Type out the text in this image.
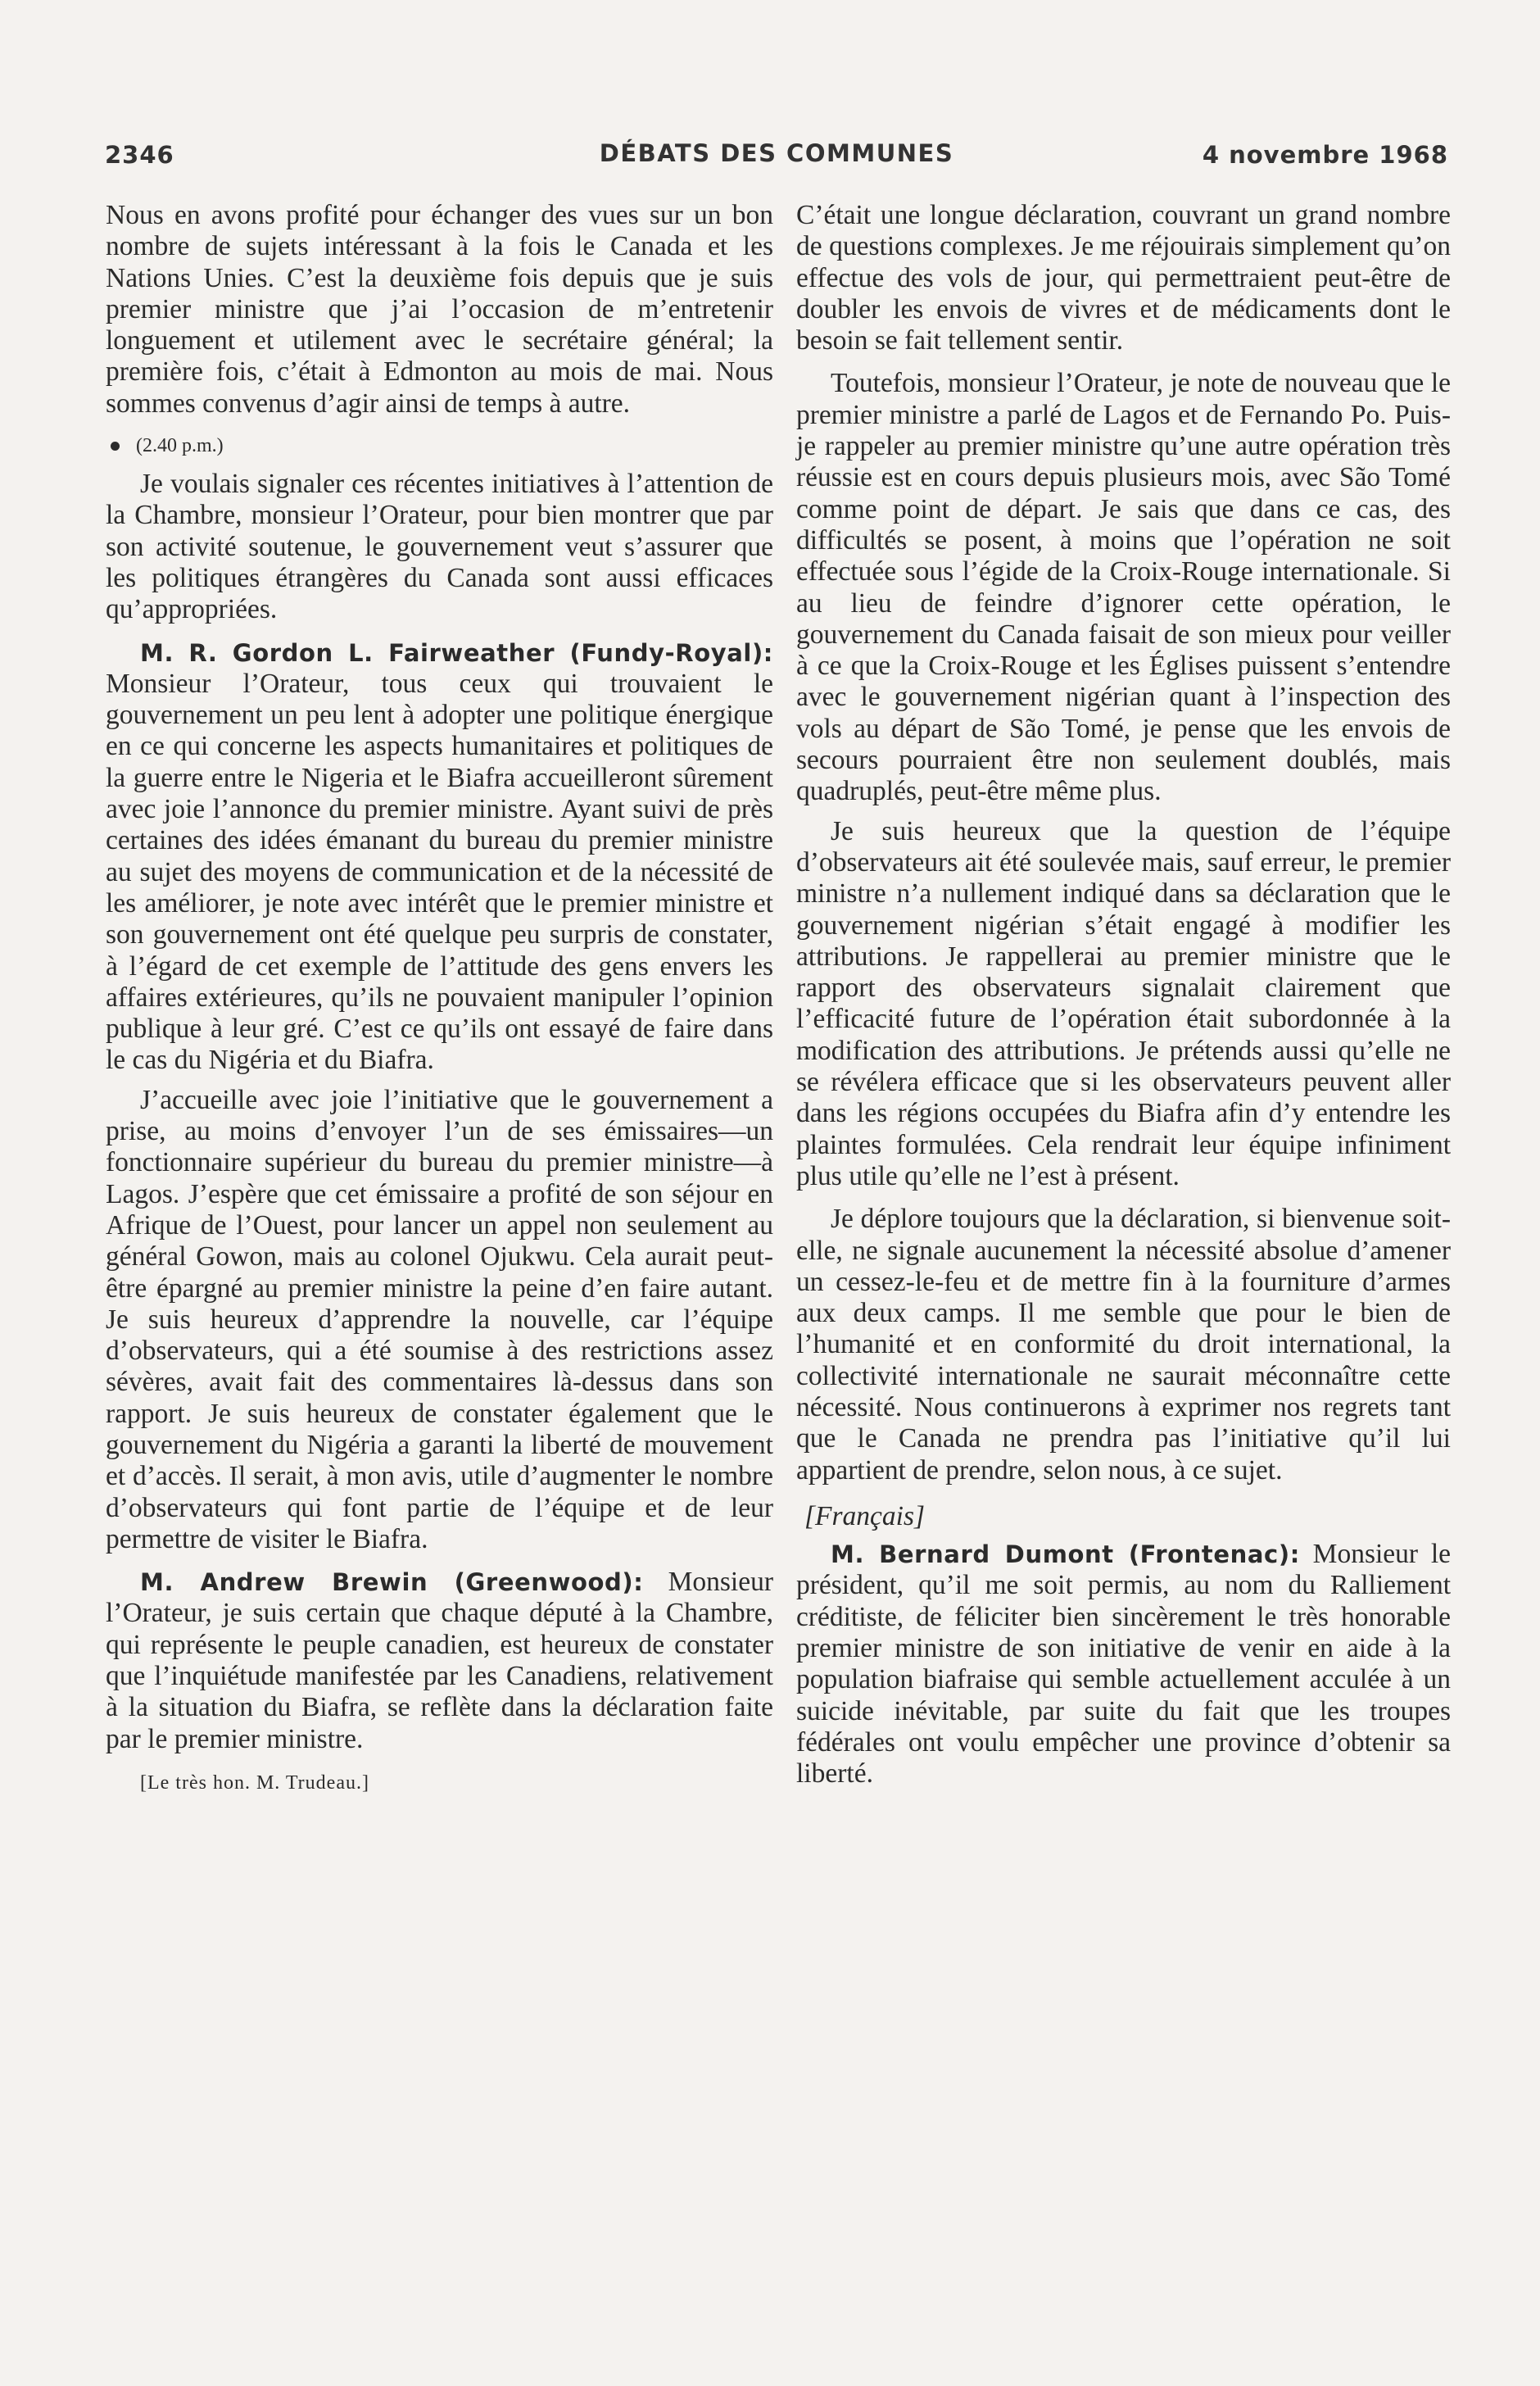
2346	DÉBATS DES COMMUNES	4 novembre 1968

Nous en avons profité pour échanger des vues sur un bon nombre de sujets intéressant à la fois le Canada et les Nations Unies. C’est la deuxième fois depuis que je suis premier ministre que j’ai l’occasion de m’entretenir longuement et utilement avec le secrétaire général; la première fois, c’était à Edmonton au mois de mai. Nous sommes convenus d’agir ainsi de temps à autre.

(2.40 p.m.)

Je voulais signaler ces récentes initiatives à l’attention de la Chambre, monsieur l’Orateur, pour bien montrer que par son activité soutenue, le gouvernement veut s’assurer que les politiques étrangères du Canada sont aussi efficaces qu’appropriées.

M. R. Gordon L. Fairweather (Fundy-Royal): Monsieur l’Orateur, tous ceux qui trouvaient le gouvernement un peu lent à adopter une politique énergique en ce qui concerne les aspects humanitaires et politiques de la guerre entre le Nigeria et le Biafra accueilleront sûrement avec joie l’annonce du premier ministre. Ayant suivi de près certaines des idées émanant du bureau du premier ministre au sujet des moyens de communication et de la nécessité de les améliorer, je note avec intérêt que le premier ministre et son gouvernement ont été quelque peu surpris de constater, à l’égard de cet exemple de l’attitude des gens envers les affaires extérieures, qu’ils ne pouvaient manipuler l’opinion publique à leur gré. C’est ce qu’ils ont essayé de faire dans le cas du Nigéria et du Biafra.

J’accueille avec joie l’initiative que le gouvernement a prise, au moins d’envoyer l’un de ses émissaires—un fonctionnaire supérieur du bureau du premier ministre—à Lagos. J’espère que cet émissaire a profité de son séjour en Afrique de l’Ouest, pour lancer un appel non seulement au général Gowon, mais au colonel Ojukwu. Cela aurait peut-être épargné au premier ministre la peine d’en faire autant. Je suis heureux d’apprendre la nouvelle, car l’équipe d’observateurs, qui a été soumise à des restrictions assez sévères, avait fait des commentaires là-dessus dans son rapport. Je suis heureux de constater également que le gouvernement du Nigéria a garanti la liberté de mouvement et d’accès. Il serait, à mon avis, utile d’augmenter le nombre d’observateurs qui font partie de l’équipe et de leur permettre de visiter le Biafra.

M. Andrew Brewin (Greenwood): Monsieur l’Orateur, je suis certain que chaque député à la Chambre, qui représente le peuple canadien, est heureux de constater que l’inquiétude manifestée par les Canadiens, relativement à la situation du Biafra, se reflète dans la déclaration faite par le premier ministre.

[Le très hon. M. Trudeau.]

C’était une longue déclaration, couvrant un grand nombre de questions complexes. Je me réjouirais simplement qu’on effectue des vols de jour, qui permettraient peut-être de doubler les envois de vivres et de médicaments dont le besoin se fait tellement sentir.

Toutefois, monsieur l’Orateur, je note de nouveau que le premier ministre a parlé de Lagos et de Fernando Po. Puis-je rappeler au premier ministre qu’une autre opération très réussie est en cours depuis plusieurs mois, avec São Tomé comme point de départ. Je sais que dans ce cas, des difficultés se posent, à moins que l’opération ne soit effectuée sous l’égide de la Croix-Rouge internationale. Si au lieu de feindre d’ignorer cette opération, le gouvernement du Canada faisait de son mieux pour veiller à ce que la Croix-Rouge et les Églises puissent s’entendre avec le gouvernement nigérian quant à l’inspection des vols au départ de São Tomé, je pense que les envois de secours pourraient être non seulement doublés, mais quadruplés, peut-être même plus.

Je suis heureux que la question de l’équipe d’observateurs ait été soulevée mais, sauf erreur, le premier ministre n’a nullement indiqué dans sa déclaration que le gouvernement nigérian s’était engagé à modifier les attributions. Je rappellerai au premier ministre que le rapport des observateurs signalait clairement que l’efficacité future de l’opération était subordonnée à la modification des attributions. Je prétends aussi qu’elle ne se révélera efficace que si les observateurs peuvent aller dans les régions occupées du Biafra afin d’y entendre les plaintes formulées. Cela rendrait leur équipe infiniment plus utile qu’elle ne l’est à présent.

Je déplore toujours que la déclaration, si bienvenue soit-elle, ne signale aucunement la nécessité absolue d’amener un cessez-le-feu et de mettre fin à la fourniture d’armes aux deux camps. Il me semble que pour le bien de l’humanité et en conformité du droit international, la collectivité internationale ne saurait méconnaître cette nécessité. Nous continuerons à exprimer nos regrets tant que le Canada ne prendra pas l’initiative qu’il lui appartient de prendre, selon nous, à ce sujet.

[Français]

M. Bernard Dumont (Frontenac): Monsieur le président, qu’il me soit permis, au nom du Ralliement créditiste, de féliciter bien sincèrement le très honorable premier ministre de son initiative de venir en aide à la population biafraise qui semble actuellement acculée à un suicide inévitable, par suite du fait que les troupes fédérales ont voulu empêcher une province d’obtenir sa liberté.
